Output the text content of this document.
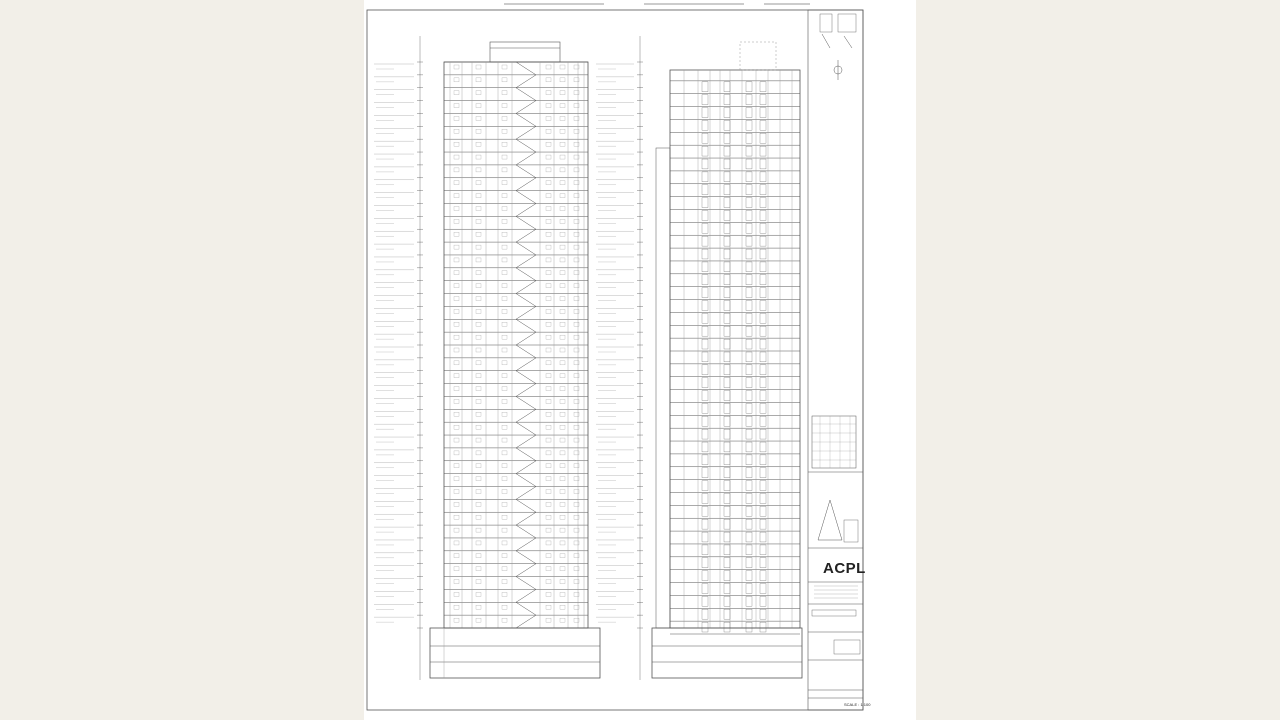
ACPL
SCALE : 1:100
